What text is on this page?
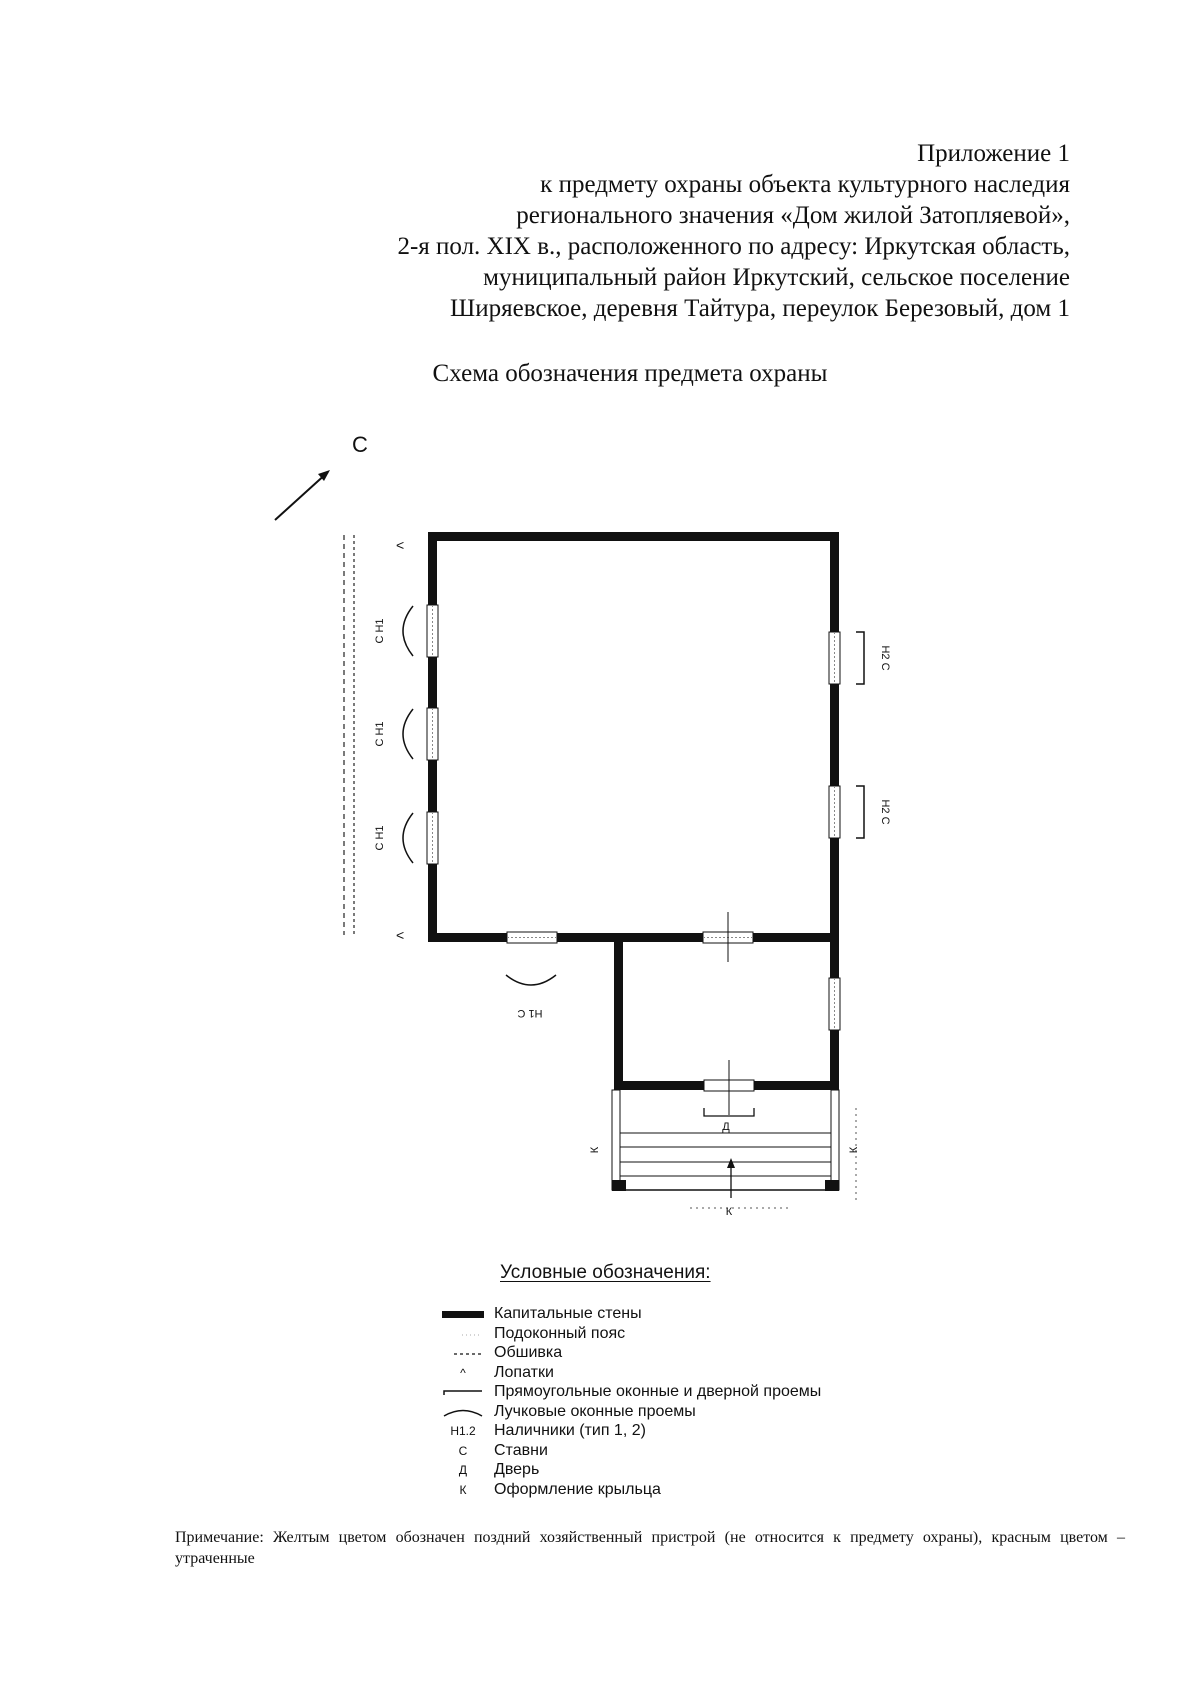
Приложение 1
к предмету охраны объекта культурного наследия
регионального значения «Дом жилой Затопляевой»,
2-я пол. XIX в., расположенного по адресу: Иркутская область,
муниципальный район Иркутский, сельское поселение
Ширяевское, деревня Тайтура, переулок Березовый, дом 1
Схема обозначения предмета охраны
С
<
<
С Н1
С Н1
С Н1
Н2 С
Н2 С
Н1 С
Д
К	К
К
Условные обозначения:
Капитальные стены
Подоконный пояс
Обшивка
^	Лопатки
Прямоугольные оконные и дверной проемы
Лучковые оконные проемы
Н1.2	Наличники (тип 1, 2)
С	Ставни
Д	Дверь
К	Оформление крыльца
Примечание: Желтым цветом обозначен поздний хозяйственный пристрой (не относится к предмету охраны), красным цветом – утраченные
